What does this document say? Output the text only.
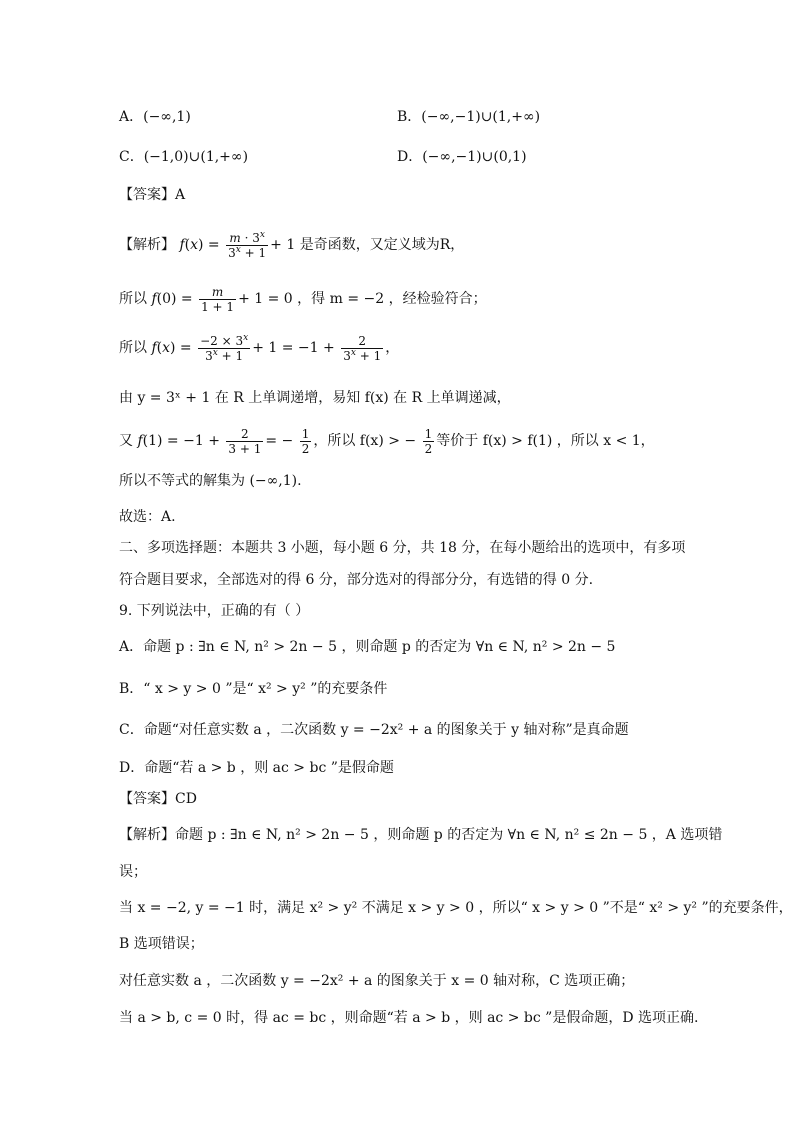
A．(−∞,1)	B．(−∞,−1)∪(1,+∞)
C．(−1,0)∪(1,+∞)	D．(−∞,−1)∪(0,1)
【答案】A
【解析】 $f(x) = \frac{m \cdot 3^x}{3^x + 1} + 1$ 是奇函数，又定义域为R，
所以 $f(0) = \frac{m}{1 + 1} + 1 = 0$ ，得 m = −2 ，经检验符合；
所以 $f(x) = \frac{-2 \times 3^x}{3^x + 1} + 1 = -1 + \frac{2}{3^x + 1}$ ，
由 y = 3ˣ + 1 在 R 上单调递增，易知 f(x) 在 R 上单调递减，
又 $f(1) = -1 + \frac{2}{3 + 1}$ = − $\frac{1}{2}$ ，所以 f(x) > − $\frac{1}{2}$ 等价于 f(x) > f(1) ，所以 x < 1，
所以不等式的解集为 (−∞,1).
故选：A.
二、多项选择题：本题共 3 小题，每小题 6 分，共 18 分，在每小题给出的选项中，有多项
符合题目要求，全部选对的得 6 分，部分选对的得部分分，有选错的得 0 分.
9. 下列说法中，正确的有（ ）
A．命题 p : ∃n ∈ N, n² > 2n − 5 ，则命题 p 的否定为 ∀n ∈ N, n² > 2n − 5
B．“ x > y > 0 ”是“ x² > y² ”的充要条件
C．命题“对任意实数 a ，二次函数 y = −2x² + a 的图象关于 y 轴对称”是真命题
D．命题“若 a > b ，则 ac > bc ”是假命题
【答案】CD
【解析】命题 p : ∃n ∈ N, n² > 2n − 5 ，则命题 p 的否定为 ∀n ∈ N, n² ≤ 2n − 5 ，A 选项错
误；
当 x = −2, y = −1 时，满足 x² > y² 不满足 x > y > 0 ，所以“ x > y > 0 ”不是“ x² > y² ”的充要条件，
B 选项错误；
对任意实数 a ，二次函数 y = −2x² + a 的图象关于 x = 0 轴对称，C 选项正确；
当 a > b, c = 0 时，得 ac = bc ，则命题“若 a > b ，则 ac > bc ”是假命题，D 选项正确.
